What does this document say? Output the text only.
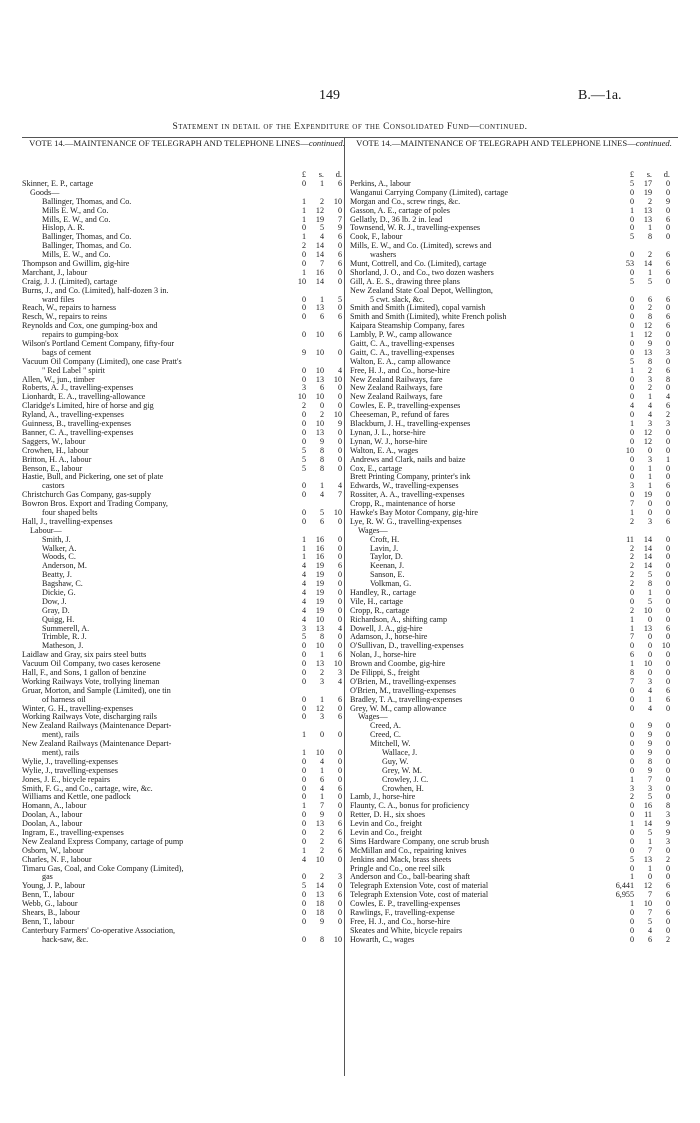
149	B.—1a.
Statement in detail of the Expenditure of the Consolidated Fund—continued.
VOTE 14.—MAINTENANCE OF TELEGRAPH AND TELEPHONE LINES—continued.
£	s.	d.
Skinner, E. P., cartage	0	1	6
Goods—
Ballinger, Thomas, and Co.	1	2	10
Mills E. W., and Co.	1	12	0
Mills, E. W., and Co.	1	19	7
Hislop, A. R.	0	5	9
Ballinger, Thomas, and Co.	1	4	6
Ballinger, Thomas, and Co.	2	14	0
Mills, E. W., and Co.	0	14	6
Thompson and Gwillim, gig-hire	0	7	6
Marchant, J., labour	1	16	0
Craig, J. J. (Limited), cartage	10	14	0
Burns, J., and Co. (Limited), half-dozen 3 in.
ward files	0	1	5
Reach, W., repairs to harness	0	13	0
Resch, W., repairs to reins	0	6	6
Reynolds and Cox, one gumping-box and
repairs to gumping-box	0	10	6
Wilson's Portland Cement Company, fifty-four
bags of cement	9	10	0
Vacuum Oil Company (Limited), one case Pratt's
" Red Label " spirit	0	10	4
Allen, W., jun., timber	0	13	10
Roberts, A. J., travelling-expenses	3	6	0
Lionhardt, E. A., travelling-allowance	10	10	0
Claridge's Limited, hire of horse and gig	2	0	0
Ryland, A., travelling-expenses	0	2	10
Guinness, B., travelling-expenses	0	10	9
Banner, C. A., travelling-expenses	0	13	0
Saggers, W., labour	0	9	0
Crowhen, H., labour	5	8	0
Britton, H. A., labour	5	8	0
Benson, E., labour	5	8	0
Hastie, Bull, and Pickering, one set of plate
castors	0	1	4
Christchurch Gas Company, gas-supply	0	4	7
Bowron Bros. Export and Trading Company,
four shaped belts	0	5	10
Hall, J., travelling-expenses	0	6	0
Labour—
Smith, J.	1	16	0
Walker, A.	1	16	0
Woods, C.	1	16	0
Anderson, M.	4	19	6
Beatty, J.	4	19	0
Bagshaw, C.	4	19	0
Dickie, G.	4	19	0
Dow, J.	4	19	0
Gray, D.	4	19	0
Quigg, H.	4	10	0
Summerell, A.	3	13	4
Trimble, R. J.	5	8	0
Matheson, J.	0	10	0
Laidlaw and Gray, six pairs steel butts	0	1	6
Vacuum Oil Company, two cases kerosene	0	13	10
Hall, F., and Sons, 1 gallon of benzine	0	2	3
Working Railways Vote, trollying lineman	0	3	4
Gruar, Morton, and Sample (Limited), one tin
of harness oil	0	1	6
Winter, G. H., travelling-expenses	0	12	0
Working Railways Vote, discharging rails	0	3	6
New Zealand Railways (Maintenance Depart-
ment), rails	1	0	0
New Zealand Railways (Maintenance Depart-
ment), rails	1	10	0
Wylie, J., travelling-expenses	0	4	0
Wylie, J., travelling-expenses	0	1	0
Jones, J. E., bicycle repairs	0	6	0
Smith, F. G., and Co., cartage, wire, &c.	0	4	6
Williams and Kettle, one padlock	0	1	0
Homann, A., labour	1	7	0
Doolan, A., labour	0	9	0
Doolan, A., labour	0	13	6
Ingram, E., travelling-expenses	0	2	6
New Zealand Express Company, cartage of pump	0	2	6
Osborn, W., labour	1	2	6
Charles, N. F., labour	4	10	0
Timaru Gas, Coal, and Coke Company (Limited),
gas	0	2	3
Young, J. P., labour	5	14	0
Benn, T., labour	0	13	6
Webb, G., labour	0	18	0
Shears, B., labour	0	18	0
Benn, T., labour	0	9	0
Canterbury Farmers' Co-operative Association,
hack-saw, &c.	0	8	10
VOTE 14.—MAINTENANCE OF TELEGRAPH AND TELEPHONE LINES—continued.
£	s.	d.
Perkins, A., labour	5	17	0
Wanganui Carrying Company (Limited), cartage	0	19	0
Morgan and Co., screw rings, &c.	0	2	9
Gasson, A. E., cartage of poles	1	13	0
Gellatly, D., 36 lb. 2 in. lead	0	13	6
Townsend, W. R. J., travelling-expenses	0	1	0
Cook, F., labour	5	8	0
Mills, E. W., and Co. (Limited), screws and
washers	0	2	6
Munt, Cottrell, and Co. (Limited), cartage	53	14	6
Shorland, J. O., and Co., two dozen washers	0	1	6
Gill, A. E. S., drawing three plans	5	5	0
New Zealand State Coal Depot, Wellington,
5 cwt. slack, &c.	0	6	6
Smith and Smith (Limited), copal varnish	0	2	0
Smith and Smith (Limited), white French polish	0	8	6
Kaipara Steamship Company, fares	0	12	6
Lambly, P. W., camp allowance	1	12	0
Gaitt, C. A., travelling-expenses	0	9	0
Gaitt, C. A., travelling-expenses	0	13	3
Walton, E. A., camp allowance	5	8	0
Free, H. J., and Co., horse-hire	1	2	6
New Zealand Railways, fare	0	3	8
New Zealand Railways, fare	0	2	0
New Zealand Railways, fare	0	1	4
Cowles, E. P., travelling-expenses	4	4	6
Cheeseman, P., refund of fares	0	4	2
Blackburn, J. H., travelling-expenses	1	3	3
Lynan, J. L., horse-hire	0	12	0
Lynan, W. J., horse-hire	0	12	0
Walton, E. A., wages	10	0	0
Andrews and Clark, nails and baize	0	3	1
Cox, E., cartage	0	1	0
Brett Printing Company, printer's ink	0	1	0
Edwards, W., travelling-expenses	3	1	6
Rossiter, A. A., travelling-expenses	0	19	0
Cropp, R., maintenance of horse	7	0	0
Hawke's Bay Motor Company, gig-hire	1	0	0
Lye, R. W. G., travelling-expenses	2	3	6
Wages—
Croft, H.	11	14	0
Lavin, J.	2	14	0
Taylor, D.	2	14	0
Keenan, J.	2	14	0
Sanson, E.	2	5	0
Volkman, G.	2	8	0
Handley, R., cartage	0	1	0
Vile, H., cartage	0	5	0
Cropp, R., cartage	2	10	0
Richardson, A., shifting camp	1	0	0
Dowell, J. A., gig-hire	1	13	6
Adamson, J., horse-hire	7	0	0
O'Sullivan, D., travelling-expenses	0	0	10
Nolan, J., horse-hire	6	0	0
Brown and Coombe, gig-hire	1	10	0
De Filippi, S., freight	8	0	0
O'Brien, M., travelling-expenses	7	3	0
O'Brien, M., travelling-expenses	0	4	6
Bradley, T. A., travelling-expenses	0	1	6
Grey, W. M., camp allowance	0	4	0
Wages—
Creed, A.	0	9	0
Creed, C.	0	9	0
Mitchell, W.	0	9	0
Wallace, J.	0	9	0
Guy, W.	0	8	0
Grey, W. M.	0	9	0
Crowley, J. C.	1	7	0
Crowhen, H.	3	3	0
Lamb, J., horse-hire	2	5	0
Flaunty, C. A., bonus for proficiency	0	16	8
Retter, D. H., six shoes	0	11	3
Levin and Co., freight	1	14	9
Levin and Co., freight	0	5	9
Sims Hardware Company, one scrub brush	0	1	3
McMillan and Co., repairing knives	0	7	0
Jenkins and Mack, brass sheets	5	13	2
Pringle and Co., one reel silk	0	1	0
Anderson and Co., ball-bearing shaft	1	0	0
Telegraph Extension Vote, cost of material	6,441	12	6
Telegraph Extension Vote, cost of material	6,955	7	6
Cowles, E. P., travelling-expenses	1	10	0
Rawlings, F., travelling-expense	0	7	6
Free, H. J., and Co., horse-hire	0	5	0
Skeates and White, bicycle repairs	0	4	0
Howarth, C., wages	0	6	2
